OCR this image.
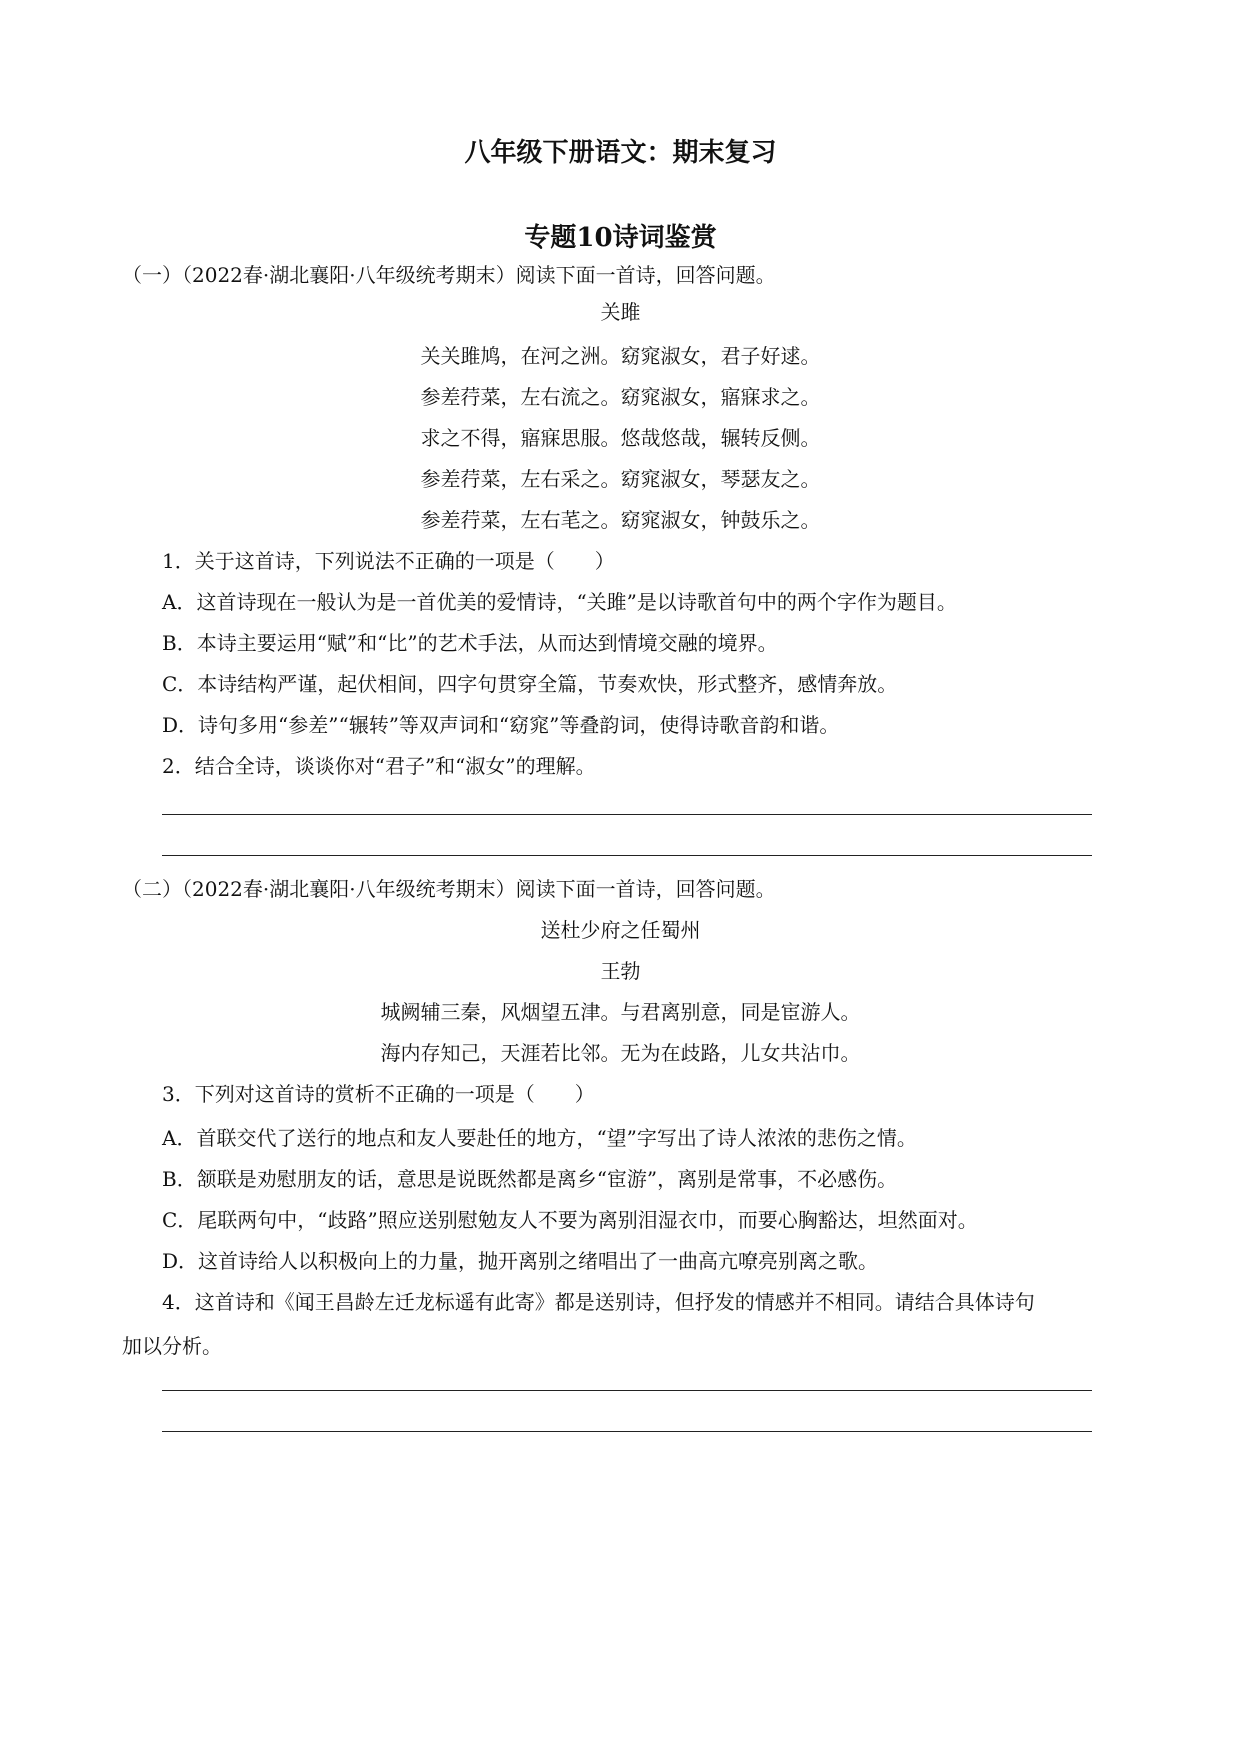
八年级下册语文：期末复习
专题10诗词鉴赏
（一）（2022春·湖北襄阳·八年级统考期末）阅读下面一首诗，回答问题。
关雎
关关雎鸠，在河之洲。窈窕淑女，君子好逑。
参差荇菜，左右流之。窈窕淑女，寤寐求之。
求之不得，寤寐思服。悠哉悠哉，辗转反侧。
参差荇菜，左右采之。窈窕淑女，琴瑟友之。
参差荇菜，左右芼之。窈窕淑女，钟鼓乐之。
1．关于这首诗，下列说法不正确的一项是（　　）
A．这首诗现在一般认为是一首优美的爱情诗，“关雎”是以诗歌首句中的两个字作为题目。
B．本诗主要运用“赋”和“比”的艺术手法，从而达到情境交融的境界。
C．本诗结构严谨，起伏相间，四字句贯穿全篇，节奏欢快，形式整齐，感情奔放。
D．诗句多用“参差”“辗转”等双声词和“窈窕”等叠韵词，使得诗歌音韵和谐。
2．结合全诗，谈谈你对“君子”和“淑女”的理解。
（二）（2022春·湖北襄阳·八年级统考期末）阅读下面一首诗，回答问题。
送杜少府之任蜀州
王勃
城阙辅三秦，风烟望五津。与君离别意，同是宦游人。
海内存知己，天涯若比邻。无为在歧路，儿女共沾巾。
3．下列对这首诗的赏析不正确的一项是（　　）
A．首联交代了送行的地点和友人要赴任的地方，“望”字写出了诗人浓浓的悲伤之情。
B．颔联是劝慰朋友的话，意思是说既然都是离乡“宦游”，离别是常事，不必感伤。
C．尾联两句中，“歧路”照应送别慰勉友人不要为离别泪湿衣巾，而要心胸豁达，坦然面对。
D．这首诗给人以积极向上的力量，抛开离别之绪唱出了一曲高亢嘹亮别离之歌。
4．这首诗和《闻王昌龄左迁龙标遥有此寄》都是送别诗，但抒发的情感并不相同。请结合具体诗句
加以分析。
